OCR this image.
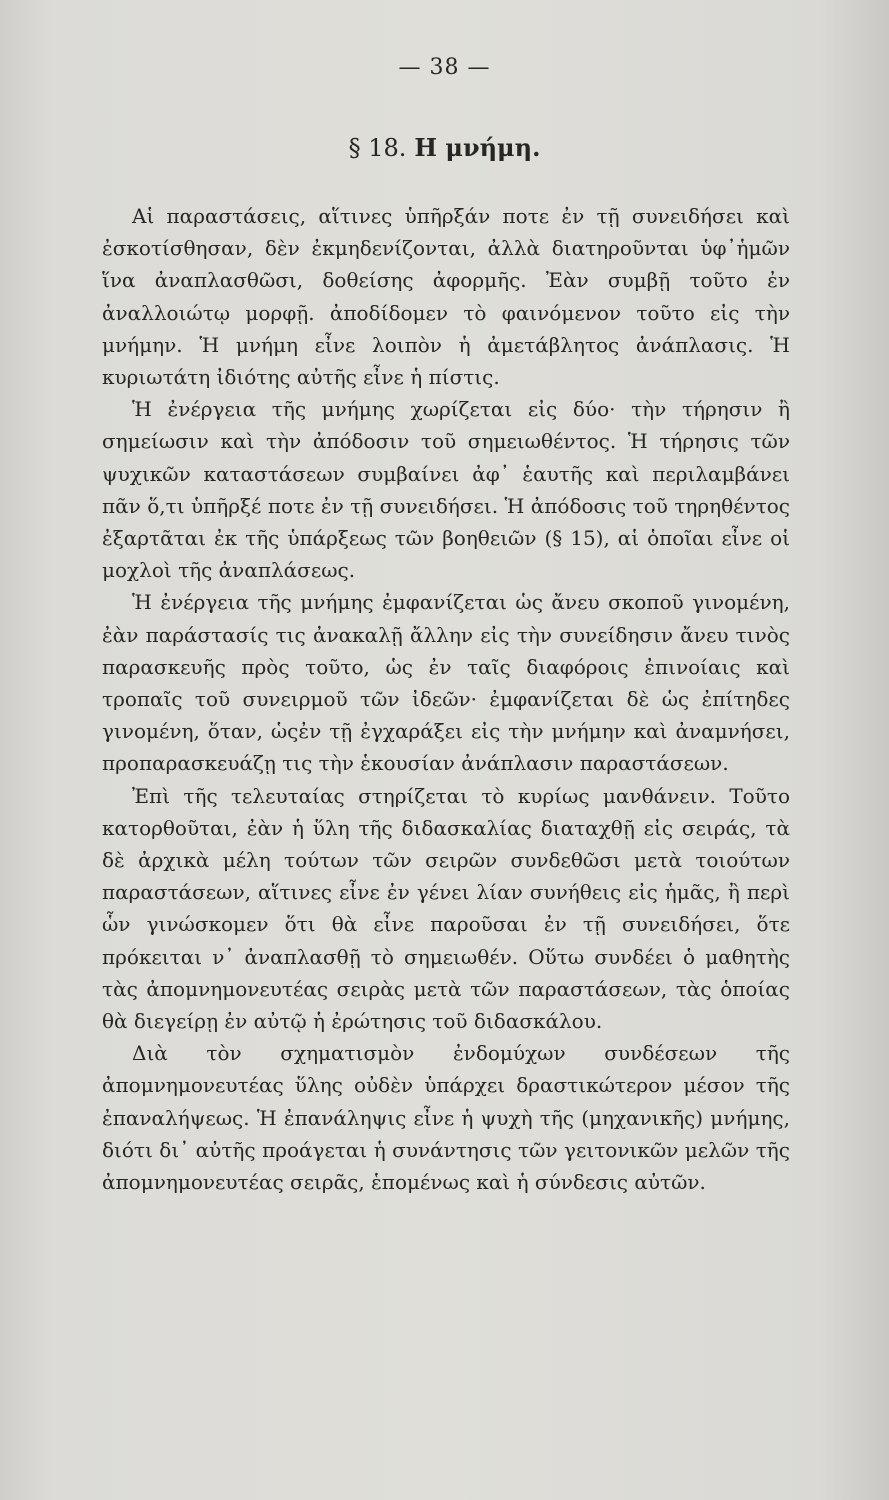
— 38 —
§ 18. Η μνήμη.

Αἱ παραστάσεις, αἵτινες ὑπῆρξάν ποτε ἐν τῇ συνειδήσει καὶ ἐσκοτίσθησαν, δὲν ἐκμηδενίζονται, ἀλλὰ διατηροῦνται ὑφ᾽ἡμῶν ἵνα ἀναπλασθῶσι, δοθείσης ἀφορμῆς. Ἐὰν συμβῇ τοῦτο ἐν ἀναλλοιώτῳ μορφῇ. ἀποδίδομεν τὸ φαινόμενον τοῦτο εἰς τὴν μνήμην. Ἡ μνήμη εἶνε λοιπὸν ἡ ἀμετάβλητος ἀνάπλασις. Ἡ κυριωτάτη ἰδιότης αὐτῆς εἶνε ἡ πίστις.

Ἡ ἐνέργεια τῆς μνήμης χωρίζεται εἰς δύο· τὴν τήρησιν ἢ σημείωσιν καὶ τὴν ἀπόδοσιν τοῦ σημειωθέντος. Ἡ τήρησις τῶν ψυχικῶν καταστάσεων συμβαίνει ἀφ᾽ ἑαυτῆς καὶ περιλαμβάνει πᾶν ὅ,τι ὑπῆρξέ ποτε ἐν τῇ συνειδήσει. Ἡ ἀπόδοσις τοῦ τηρηθέντος ἐξαρτᾶται ἐκ τῆς ὑπάρξεως τῶν βοηθειῶν (§ 15), αἱ ὁποῖαι εἶνε οἱ μοχλοὶ τῆς ἀναπλάσεως.

Ἡ ἐνέργεια τῆς μνήμης ἐμφανίζεται ὡς ἄνευ σκοποῦ γινομένη, ἐὰν παράστασίς τις ἀνακαλῇ ἄλλην εἰς τὴν συνείδησιν ἄνευ τινὸς παρασκευῆς πρὸς τοῦτο, ὡς ἐν ταῖς διαφόροις ἐπινοίαις καὶ τροπαῖς τοῦ συνειρμοῦ τῶν ἰδεῶν· ἐμφανίζεται δὲ ὡς ἐπίτηδες γινομένη, ὅταν, ὡςἐν τῇ ἐγχαράξει εἰς τὴν μνήμην καὶ ἀναμνήσει, προπαρασκευάζῃ τις τὴν ἑκουσίαν ἀνάπλασιν παραστάσεων.

Ἐπὶ τῆς τελευταίας στηρίζεται τὸ κυρίως μανθάνειν. Τοῦτο κατορθοῦται, ἐὰν ἡ ὕλη τῆς διδασκαλίας διαταχθῇ εἰς σειράς, τὰ δὲ ἀρχικὰ μέλη τούτων τῶν σειρῶν συνδεθῶσι μετὰ τοιούτων παραστάσεων, αἵτινες εἶνε ἐν γένει λίαν συνήθεις εἰς ἡμᾶς, ἢ περὶ ὧν γινώσκομεν ὅτι θὰ εἶνε παροῦσαι ἐν τῇ συνειδήσει, ὅτε πρόκειται ν᾽ ἀναπλασθῇ τὸ σημειωθέν. Οὕτω συνδέει ὁ μαθητὴς τὰς ἀπομνημονευτέας σειρὰς μετὰ τῶν παραστάσεων, τὰς ὁποίας θὰ διεγείρῃ ἐν αὐτῷ ἡ ἐρώτησις τοῦ διδασκάλου.

Διὰ τὸν σχηματισμὸν ἐνδομύχων συνδέσεων τῆς ἀπομνημονευτέας ὕλης οὐδὲν ὑπάρχει δραστικώτερον μέσον τῆς ἐπαναλήψεως. Ἡ ἐπανάληψις εἶνε ἡ ψυχὴ τῆς (μηχανικῆς) μνήμης, διότι δι᾽ αὐτῆς προάγεται ἡ συνάντησις τῶν γειτονικῶν μελῶν τῆς ἀπομνημονευτέας σειρᾶς, ἑπομένως καὶ ἡ σύνδεσις αὐτῶν.
